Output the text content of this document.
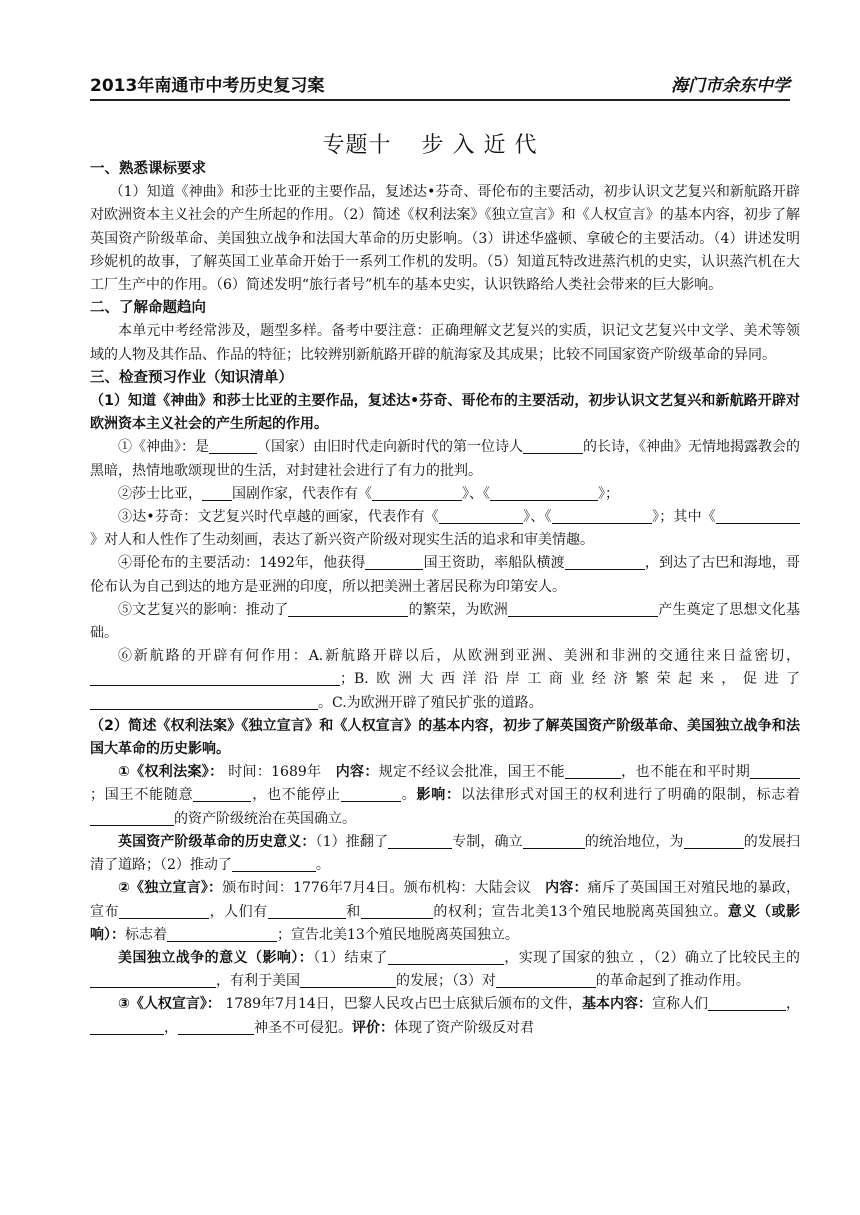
2013年南通市中考历史复习案	海门市余东中学
专题十 步 入 近 代

一、熟悉课标要求

（1）知道《神曲》和莎士比亚的主要作品，复述达•芬奇、哥伦布的主要活动，初步认识文艺复兴和新航路开辟对欧洲资本主义社会的产生所起的作用。（2）简述《权利法案》《独立宣言》和《人权宣言》的基本内容，初步了解英国资产阶级革命、美国独立战争和法国大革命的历史影响。（3）讲述华盛顿、拿破仑的主要活动。（4）讲述发明珍妮机的故事，了解英国工业革命开始于一系列工作机的发明。（5）知道瓦特改进蒸汽机的史实，认识蒸汽机在大工厂生产中的作用。（6）简述发明“旅行者号”机车的基本史实，认识铁路给人类社会带来的巨大影响。

二、了解命题趋向

本单元中考经常涉及，题型多样。备考中要注意：正确理解文艺复兴的实质，识记文艺复兴中文学、美术等领域的人物及其作品、作品的特征；比较辨别新航路开辟的航海家及其成果；比较不同国家资产阶级革命的异同。

三、检查预习作业（知识清单）

（1）知道《神曲》和莎士比亚的主要作品，复述达•芬奇、哥伦布的主要活动，初步认识文艺复兴和新航路开辟对欧洲资本主义社会的产生所起的作用。

①《神曲》：是	（国家）由旧时代走向新时代的第一位诗人	的长诗，《神曲》无情地揭露教会的黑暗，热情地歌颂现世的生活，对封建社会进行了有力的批判。

②莎士比亚， 国剧作家，代表作有《	》、《	》；

③达•芬奇：文艺复兴时代卓越的画家，代表作有《	》、《	》；其中《》对人和人性作了生动刻画，表达了新兴资产阶级对现实生活的追求和审美情趣。

④哥伦布的主要活动：1492年，他获得	国王资助，率船队横渡	，到达了古巴和海地，哥伦布认为自己到达的地方是亚洲的印度，所以把美洲土著居民称为印第安人。

⑤文艺复兴的影响：推动了	的繁荣，为欧洲	产生奠定了思想文化基础。

⑥新航路的开辟有何作用：A.新航路开辟以后，从欧洲到亚洲、美洲和非洲的交通往来日益密切，；B.欧洲大西洋沿岸工商业经济繁荣起来，促进了。C.为欧洲开辟了殖民扩张的道路。

（2）简述《权利法案》《独立宣言》和《人权宣言》的基本内容，初步了解英国资产阶级革命、美国独立战争和法国大革命的历史影响。

①《权利法案》： 时间：1689年 内容：规定不经议会批准，国王不能	，也不能在和平时期；国王不能随意	，也不能停止	。影响：以法律形式对国王的权利进行了明确的限制，标志着的资产阶级统治在英国确立。

英国资产阶级革命的历史意义：（1）推翻了	专制，确立	的统治地位，为	的发展扫清了道路；（2）推动了	。

②《独立宣言》：颁布时间：1776年7月4日。颁布机构：大陆会议 内容：痛斥了英国国王对殖民地的暴政，宣布	，人们有	和	的权利；宣告北美13个殖民地脱离英国独立。意义（或影响）：标志着	；宣告北美13个殖民地脱离英国独立。

美国独立战争的意义（影响）：（1）结束了	，实现了国家的独立 ，（2）确立了比较民主的，有利于美国	的发展；（3）对	的革命起到了推动作用。

③《人权宣言》： 1789年7月14日，巴黎人民攻占巴士底狱后颁布的文件，基本内容：宣称人们	，，	神圣不可侵犯。评价：体现了资产阶级反对君
